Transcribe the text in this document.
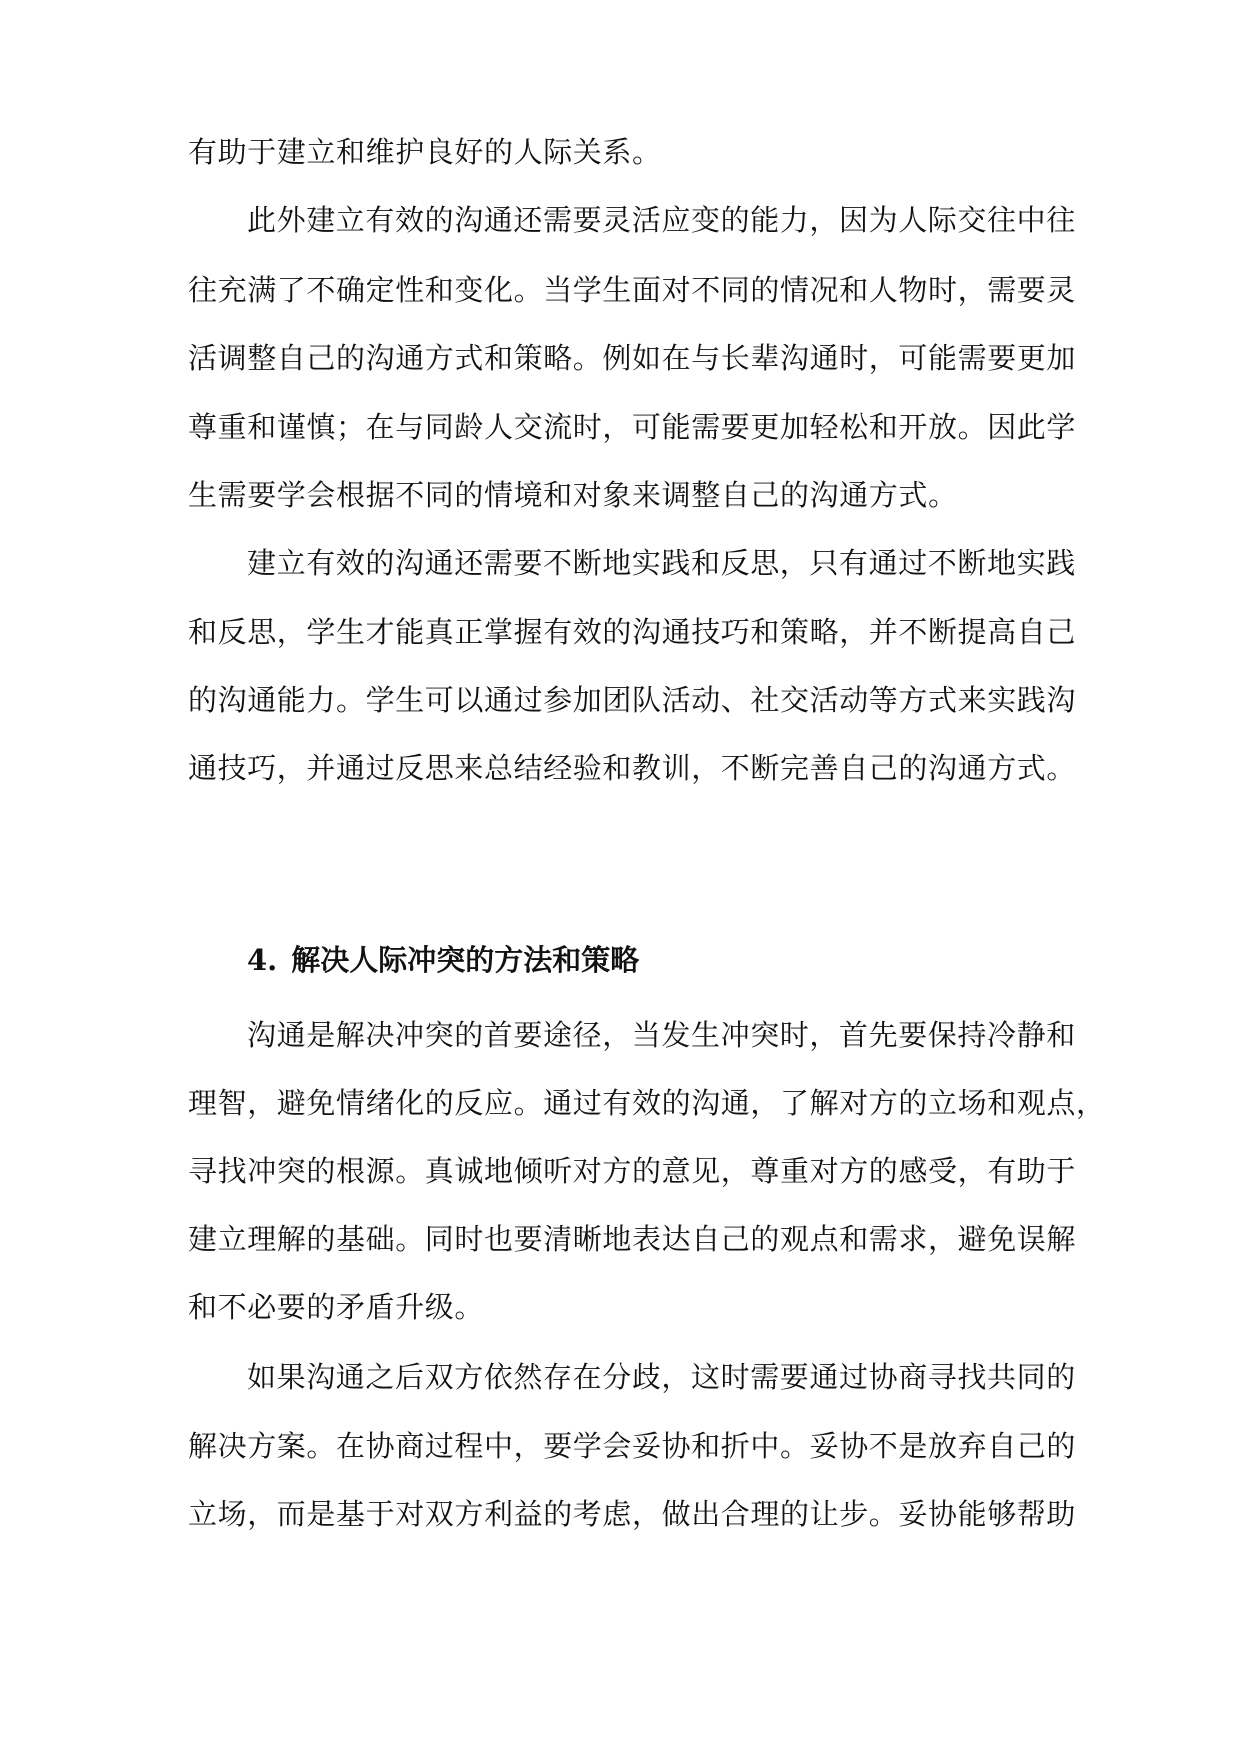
有助于建立和维护良好的人际关系。
此外建立有效的沟通还需要灵活应变的能力，因为人际交往中往
往充满了不确定性和变化。当学生面对不同的情况和人物时，需要灵
活调整自己的沟通方式和策略。例如在与长辈沟通时，可能需要更加
尊重和谨慎；在与同龄人交流时，可能需要更加轻松和开放。因此学
生需要学会根据不同的情境和对象来调整自己的沟通方式。
建立有效的沟通还需要不断地实践和反思，只有通过不断地实践
和反思，学生才能真正掌握有效的沟通技巧和策略，并不断提高自己
的沟通能力。学生可以通过参加团队活动、社交活动等方式来实践沟
通技巧，并通过反思来总结经验和教训，不断完善自己的沟通方式。
4. 解决人际冲突的方法和策略
沟通是解决冲突的首要途径，当发生冲突时，首先要保持冷静和
理智，避免情绪化的反应。通过有效的沟通，了解对方的立场和观点，
寻找冲突的根源。真诚地倾听对方的意见，尊重对方的感受，有助于
建立理解的基础。同时也要清晰地表达自己的观点和需求，避免误解
和不必要的矛盾升级。
如果沟通之后双方依然存在分歧，这时需要通过协商寻找共同的
解决方案。在协商过程中，要学会妥协和折中。妥协不是放弃自己的
立场，而是基于对双方利益的考虑，做出合理的让步。妥协能够帮助
